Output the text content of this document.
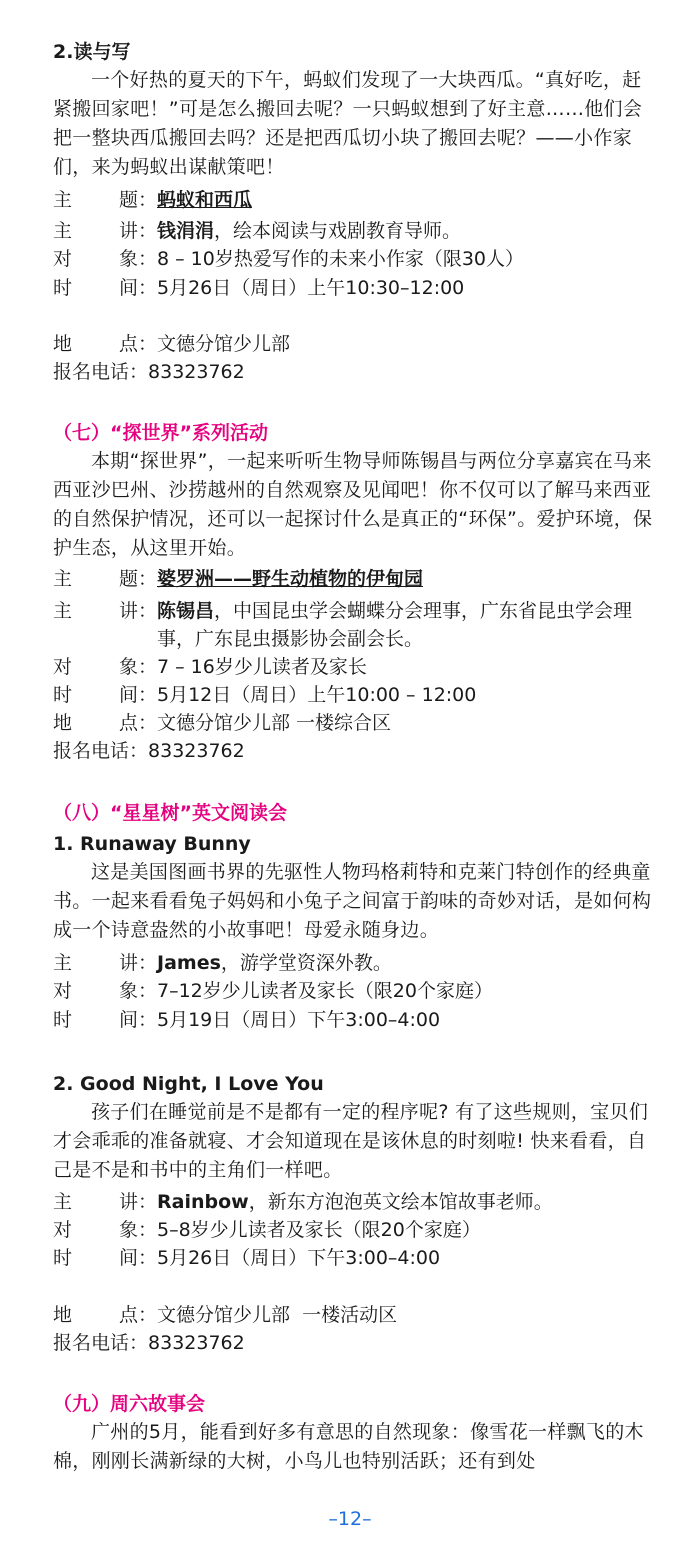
2.读与写
一个好热的夏天的下午，蚂蚁们发现了一大块西瓜。“真好吃，赶紧搬回家吧！”可是怎么搬回去呢？一只蚂蚁想到了好主意……他们会把一整块西瓜搬回去吗？还是把西瓜切小块了搬回去呢？——小作家们，来为蚂蚁出谋献策吧！
主 题： 蚂蚁和西瓜
主 讲： 钱涓涓，绘本阅读与戏剧教育导师。
对 象： 8 – 10岁热爱写作的未来小作家（限30人）
时 间： 5月26日（周日）上午10:30–12:00
地 点： 文德分馆少儿部
报名电话： 83323762
（七）“探世界”系列活动
本期“探世界”，一起来听听生物导师陈锡昌与两位分享嘉宾在马来西亚沙巴州、沙捞越州的自然观察及见闻吧！你不仅可以了解马来西亚的自然保护情况，还可以一起探讨什么是真正的“环保”。爱护环境，保护生态，从这里开始。
主 题： 婆罗洲——野生动植物的伊甸园
主 讲： 陈锡昌，中国昆虫学会蝴蝶分会理事，广东省昆虫学会理事，广东昆虫摄影协会副会长。
对 象： 7 – 16岁少儿读者及家长
时 间： 5月12日（周日）上午10:00 – 12:00
地 点： 文德分馆少儿部 一楼综合区
报名电话： 83323762
（八）“星星树”英文阅读会
1. Runaway Bunny
这是美国图画书界的先驱性人物玛格莉特和克莱门特创作的经典童书。一起来看看兔子妈妈和小兔子之间富于韵味的奇妙对话，是如何构成一个诗意盎然的小故事吧！母爱永随身边。
主 讲： James，游学堂资深外教。
对 象： 7–12岁少儿读者及家长（限20个家庭）
时 间： 5月19日（周日）下午3:00–4:00
2. Good Night, I Love You
孩子们在睡觉前是不是都有一定的程序呢? 有了这些规则，宝贝们才会乖乖的准备就寝、才会知道现在是该休息的时刻啦! 快来看看，自己是不是和书中的主角们一样吧。
主 讲： Rainbow，新东方泡泡英文绘本馆故事老师。
对 象： 5–8岁少儿读者及家长（限20个家庭）
时 间： 5月26日（周日）下午3:00–4:00
地 点： 文德分馆少儿部  一楼活动区
报名电话： 83323762
（九）周六故事会
广州的5月，能看到好多有意思的自然现象：像雪花一样飘飞的木棉，刚刚长满新绿的大树，小鸟儿也特别活跃；还有到处
–12–
